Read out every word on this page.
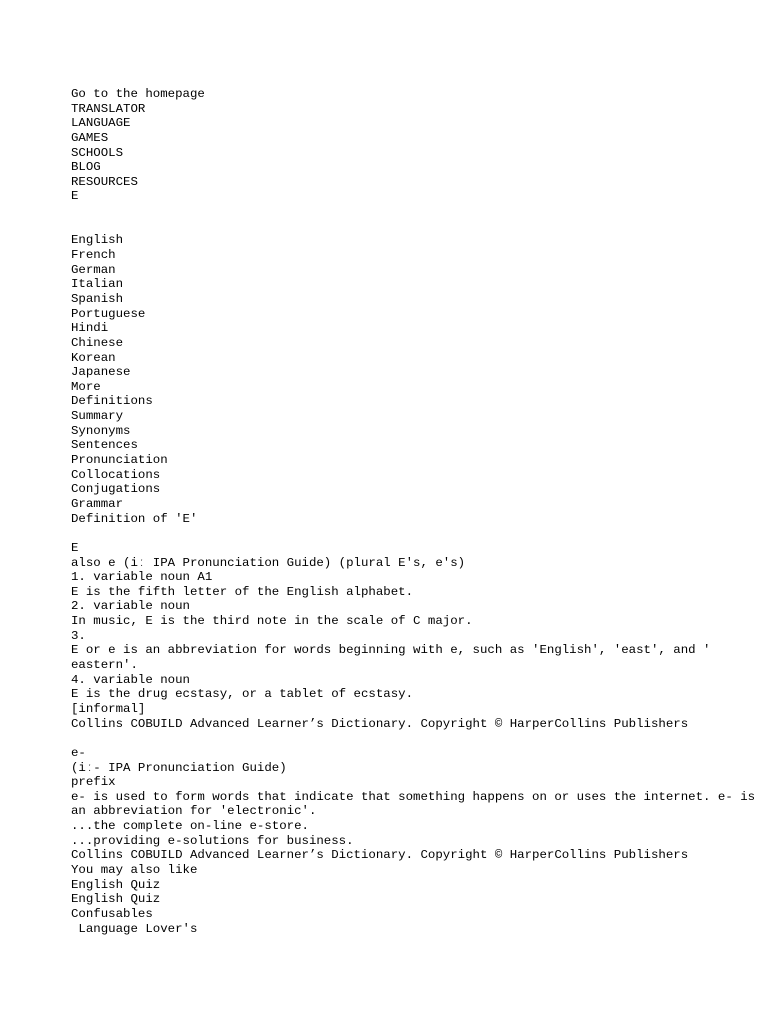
Go to the homepage
TRANSLATOR
LANGUAGE
GAMES
SCHOOLS
BLOG
RESOURCES
E
English
French
German
Italian
Spanish
Portuguese
Hindi
Chinese
Korean
Japanese
More
Definitions
Summary
Synonyms
Sentences
Pronunciation
Collocations
Conjugations
Grammar
Definition of 'E'
E
also e (iː IPA Pronunciation Guide) (plural E's, e's)
1. variable noun A1
E is the fifth letter of the English alphabet.
2. variable noun
In music, E is the third note in the scale of C major.
3.
E or e is an abbreviation for words beginning with e, such as 'English', 'east', and ' eastern'.
4. variable noun
E is the drug ecstasy, or a tablet of ecstasy.
[informal]
Collins COBUILD Advanced Learner’s Dictionary. Copyright © HarperCollins Publishers
e-
(iː- IPA Pronunciation Guide)
prefix
e- is used to form words that indicate that something happens on or uses the internet. e- is an abbreviation for 'electronic'.
...the complete on-line e-store.
...providing e-solutions for business.
Collins COBUILD Advanced Learner’s Dictionary. Copyright © HarperCollins Publishers
You may also like
English Quiz
English Quiz
Confusables
Language Lover's
